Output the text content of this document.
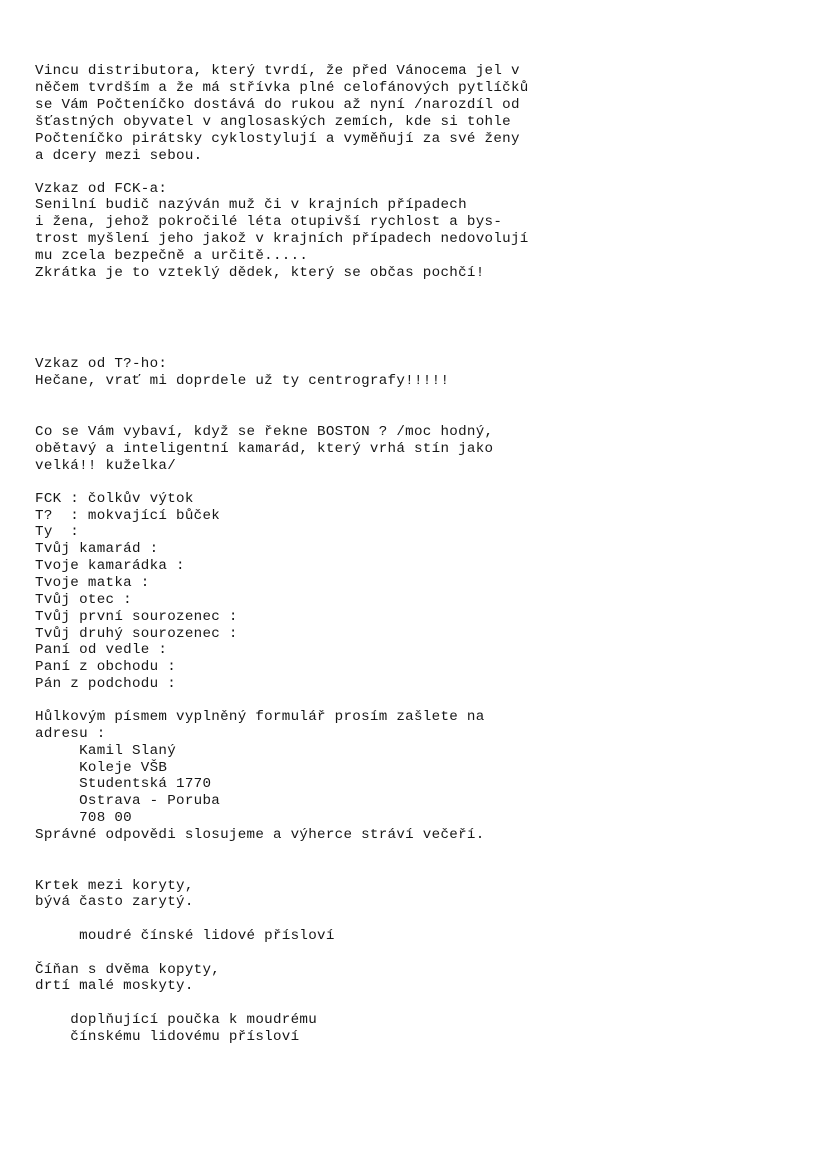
Vincu distributora, který tvrdí, že před Vánocema jel v
něčem tvrdším a že má střívka plné celofánových pytlíčků
se Vám Počteníčko dostává do rukou až nyní /narozdíl od
šťastných obyvatel v anglosaských zemích, kde si tohle
Počteníčko pirátsky cyklostylují a vyměňují za své ženy
a dcery mezi sebou.
Vzkaz od FCK-a:
Senilní budič nazýván muž či v krajních případech
i žena, jehož pokročilé léta otupivší rychlost a bys-
trost myšlení jeho jakož v krajních případech nedovolují
mu zcela bezpečně a určitě.....
Zkrátka je to vzteklý dědek, který se občas pochčí!
Vzkaz od T?-ho:
Hečane, vrať mi doprdele už ty centrografy!!!!!
Co se Vám vybaví, když se řekne BOSTON ? /moc hodný,
obětavý a inteligentní kamarád, který vrhá stín jako
velká!! kuželka/
FCK : čolkův výtok
T?  : mokvající bůček
Ty  :
Tvůj kamarád :
Tvoje kamarádka :
Tvoje matka :
Tvůj otec :
Tvůj první sourozenec :
Tvůj druhý sourozenec :
Paní od vedle :
Paní z obchodu :
Pán z podchodu :
Hůlkovým písmem vyplněný formulář prosím zašlete na
adresu :
Kamil Slaný
Koleje VŠB
Studentská 1770
Ostrava - Poruba
708 00
Správné odpovědi slosujeme a výherce stráví večeří.
Krtek mezi koryty,
bývá často zarytý.
moudré čínské lidové přísloví
Číňan s dvěma kopyty,
drtí malé moskyty.
doplňující poučka k moudrému
čínskému lidovému přísloví
